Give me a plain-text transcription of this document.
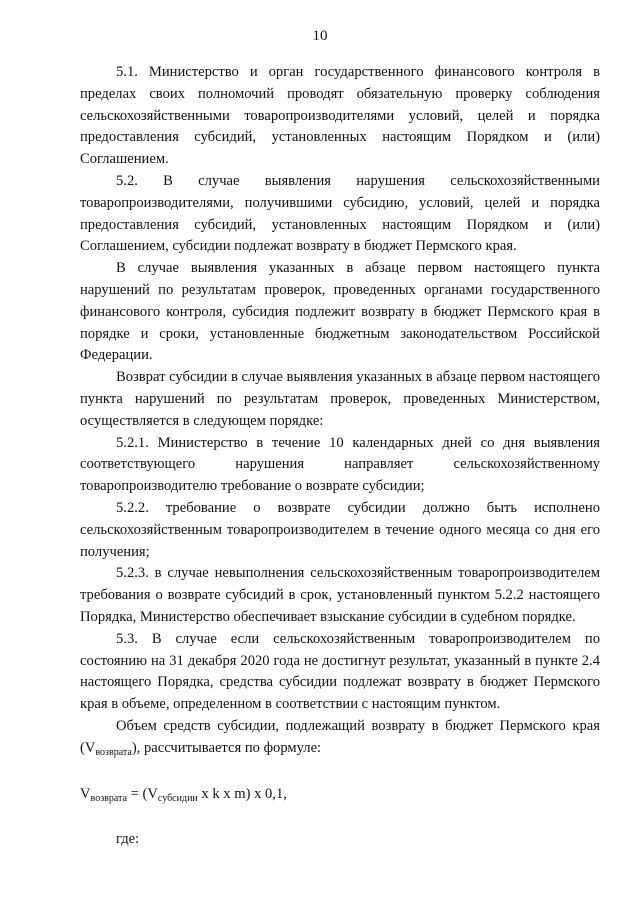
10

5.1. Министерство и орган государственного финансового контроля в пределах своих полномочий проводят обязательную проверку соблюдения сельскохозяйственными товаропроизводителями условий, целей и порядка предоставления субсидий, установленных настоящим Порядком и (или) Соглашением.

5.2. В случае выявления нарушения сельскохозяйственными товаропроизводителями, получившими субсидию, условий, целей и порядка предоставления субсидий, установленных настоящим Порядком и (или) Соглашением, субсидии подлежат возврату в бюджет Пермского края.

В случае выявления указанных в абзаце первом настоящего пункта нарушений по результатам проверок, проведенных органами государственного финансового контроля, субсидия подлежит возврату в бюджет Пермского края в порядке и сроки, установленные бюджетным законодательством Российской Федерации.

Возврат субсидии в случае выявления указанных в абзаце первом настоящего пункта нарушений по результатам проверок, проведенных Министерством, осуществляется в следующем порядке:

5.2.1. Министерство в течение 10 календарных дней со дня выявления соответствующего нарушения направляет сельскохозяйственному товаропроизводителю требование о возврате субсидии;

5.2.2. требование о возврате субсидии должно быть исполнено сельскохозяйственным товаропроизводителем в течение одного месяца со дня его получения;

5.2.3. в случае невыполнения сельскохозяйственным товаропроизводителем требования о возврате субсидий в срок, установленный пунктом 5.2.2 настоящего Порядка, Министерство обеспечивает взыскание субсидии в судебном порядке.

5.3. В случае если сельскохозяйственным товаропроизводителем по состоянию на 31 декабря 2020 года не достигнут результат, указанный в пункте 2.4 настоящего Порядка, средства субсидии подлежат возврату в бюджет Пермского края в объеме, определенном в соответствии с настоящим пунктом.

Объем средств субсидии, подлежащий возврату в бюджет Пермского края $(V_{возврата})$, рассчитывается по формуле:

$V_{возврата} = (V_{субсидии}$ x k x m) x 0,1,

где:
